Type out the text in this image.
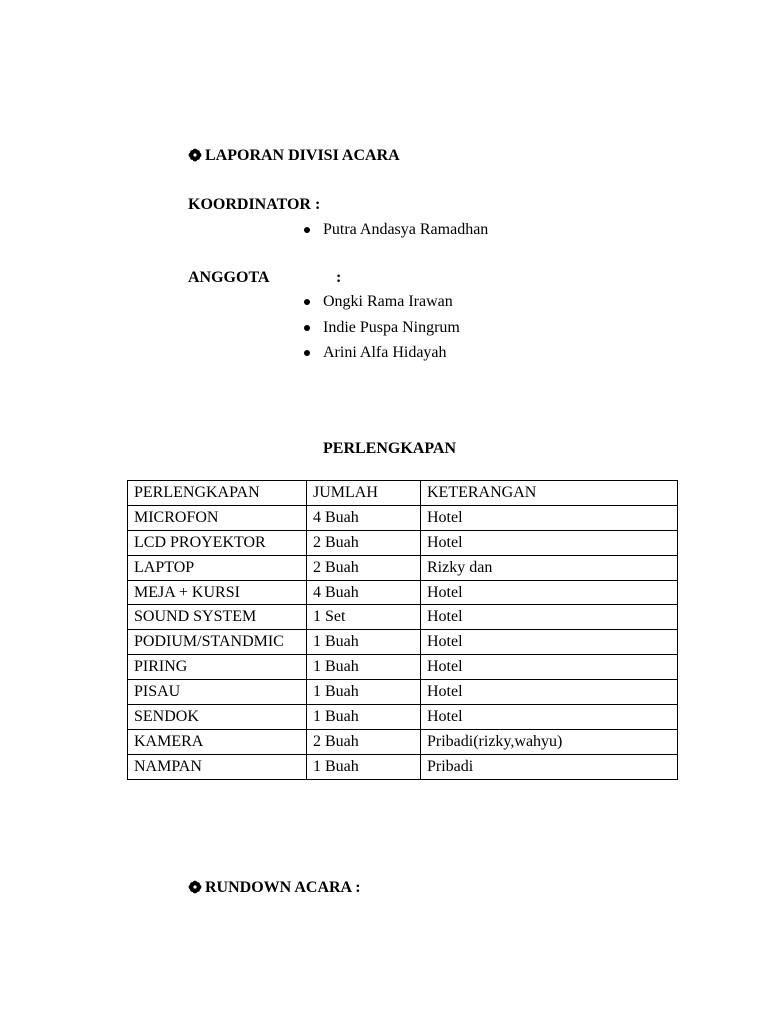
LAPORAN DIVISI ACARA
KOORDINATOR :
Putra Andasya Ramadhan
ANGGOTA	:
Ongki Rama Irawan
Indie Puspa Ningrum
Arini Alfa Hidayah
PERLENGKAPAN
PERLENGKAPAN	JUMLAH	KETERANGAN
MICROFON	4 Buah	Hotel
LCD PROYEKTOR	2 Buah	Hotel
LAPTOP	2 Buah	Rizky dan
MEJA + KURSI	4 Buah	Hotel
SOUND SYSTEM	1 Set	Hotel
PODIUM/STANDMIC	1 Buah	Hotel
PIRING	1 Buah	Hotel
PISAU	1 Buah	Hotel
SENDOK	1 Buah	Hotel
KAMERA	2 Buah	Pribadi(rizky,wahyu)
NAMPAN	1 Buah	Pribadi
RUNDOWN ACARA :
